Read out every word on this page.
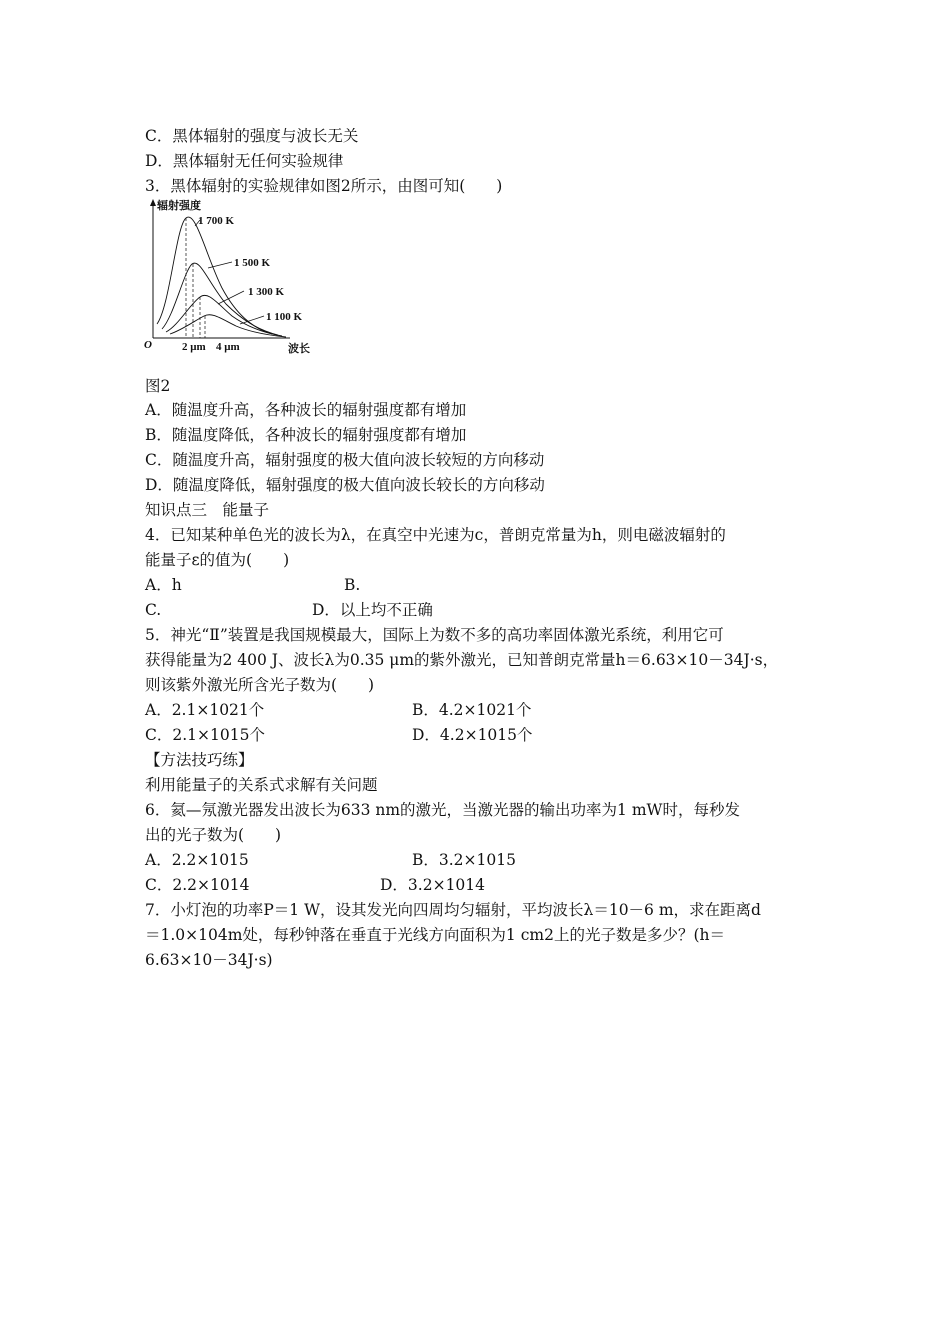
C．黑体辐射的强度与波长无关
D．黑体辐射无任何实验规律
3．黑体辐射的实验规律如图2所示，由图可知(　　)
辐射强度
1 700 K
1 500 K
1 300 K
1 100 K
O	2 μm 4 μm	波长
图2
A．随温度升高，各种波长的辐射强度都有增加
B．随温度降低，各种波长的辐射强度都有增加
C．随温度升高，辐射强度的极大值向波长较短的方向移动
D．随温度降低，辐射强度的极大值向波长较长的方向移动
知识点三　能量子
4．已知某种单色光的波长为λ，在真空中光速为c，普朗克常量为h，则电磁波辐射的
能量子ε的值为(　　)
A．h	B.
C.	D．以上均不正确
5．神光“Ⅱ”装置是我国规模最大，国际上为数不多的高功率固体激光系统，利用它可
获得能量为2 400 J、波长λ为0.35 μm的紫外激光，已知普朗克常量h＝6.63×10－34J·s，
则该紫外激光所含光子数为(　　)
A．2.1×1021个	B．4.2×1021个
C．2.1×1015个	D．4.2×1015个
【方法技巧练】
利用能量子的关系式求解有关问题
6．氦—氖激光器发出波长为633 nm的激光，当激光器的输出功率为1 mW时，每秒发
出的光子数为(　　)
A．2.2×1015	B．3.2×1015
C．2.2×1014	D．3.2×1014
7．小灯泡的功率P＝1 W，设其发光向四周均匀辐射，平均波长λ＝10－6 m，求在距离d
＝1.0×104m处，每秒钟落在垂直于光线方向面积为1 cm2上的光子数是多少？(h＝
6.63×10－34J·s)
